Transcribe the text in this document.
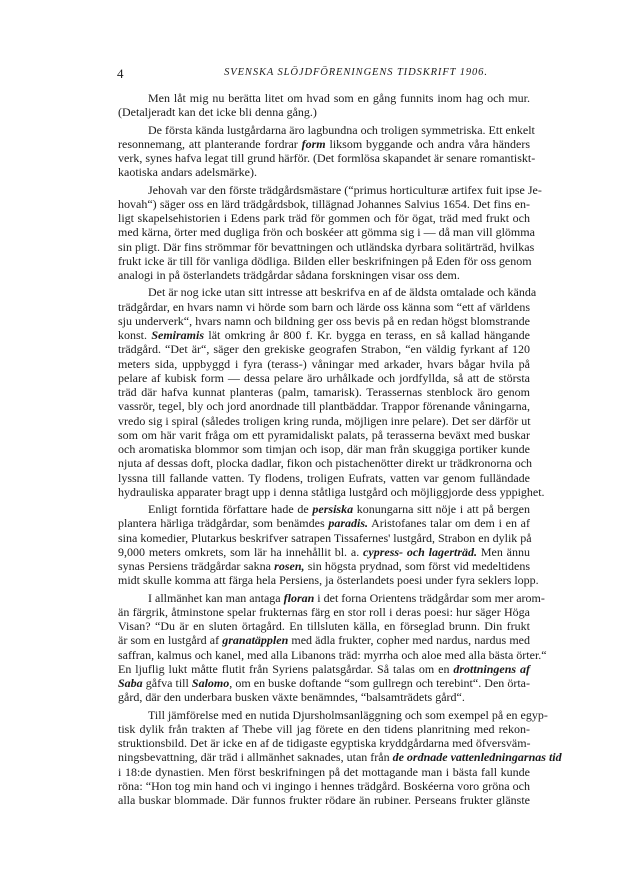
4	SVENSKA SLÖJDFÖRENINGENS TIDSKRIFT 1906.
Men låt mig nu berätta litet om hvad som en gång funnits inom hag och mur.
(Detaljeradt kan det icke bli denna gång.)
De första kända lustgårdarna äro lagbundna och troligen symmetriska. Ett enkelt
resonnemang, att planterande fordrar form liksom byggande och andra våra händers
verk, synes hafva legat till grund härför. (Det formlösa skapandet är senare romantiskt-
kaotiska andars adelsmärke).
Jehovah var den förste trädgårdsmästare (“primus horticulturæ artifex fuit ipse Je-
hovah“) säger oss en lärd trädgårdsbok, tillägnad Johannes Salvius 1654. Det fins en-
ligt skapelsehistorien i Edens park träd för gommen och för ögat, träd med frukt och
med kärna, örter med dugliga frön och boskéer att gömma sig i — då man vill glömma
sin pligt. Där fins strömmar för bevattningen och utländska dyrbara solitärträd, hvilkas
frukt icke är till för vanliga dödliga. Bilden eller beskrifningen på Eden för oss genom
analogi in på österlandets trädgårdar sådana forskningen visar oss dem.
Det är nog icke utan sitt intresse att beskrifva en af de äldsta omtalade och kända
trädgårdar, en hvars namn vi hörde som barn och lärde oss känna som “ett af världens
sju underverk“, hvars namn och bildning ger oss bevis på en redan högst blomstrande
konst. Semiramis lät omkring år 800 f. Kr. bygga en terass, en så kallad hängande
trädgård. “Det är“, säger den grekiske geografen Strabon, “en väldig fyrkant af 120
meters sida, uppbyggd i fyra (terass-) våningar med arkader, hvars bågar hvila på
pelare af kubisk form — dessa pelare äro urhålkade och jordfyllda, så att de största
träd där hafva kunnat planteras (palm, tamarisk). Terassernas stenblock äro genom
vassrör, tegel, bly och jord anordnade till plantbäddar. Trappor förenande våningarna,
vredo sig i spiral (således troligen kring runda, möjligen inre pelare). Det ser därför ut
som om här varit fråga om ett pyramidaliskt palats, på terasserna beväxt med buskar
och aromatiska blommor som timjan och isop, där man från skuggiga portiker kunde
njuta af dessas doft, plocka dadlar, fikon och pistachenötter direkt ur trädkronorna och
lyssna till fallande vatten. Ty flodens, troligen Eufrats, vatten var genom fulländade
hydrauliska apparater bragt upp i denna ståtliga lustgård och möjliggjorde dess yppighet.
Enligt forntida författare hade de persiska konungarna sitt nöje i att på bergen
plantera härliga trädgårdar, som benämdes paradis. Aristofanes talar om dem i en af
sina komedier, Plutarkus beskrifver satrapen Tissafernes' lustgård, Strabon en dylik på
9,000 meters omkrets, som lär ha innehållit bl. a. cypress- och lagerträd. Men ännu
synas Persiens trädgårdar sakna rosen, sin högsta prydnad, som först vid medeltidens
midt skulle komma att färga hela Persiens, ja österlandets poesi under fyra seklers lopp.
I allmänhet kan man antaga floran i det forna Orientens trädgårdar som mer arom-
än färgrik, åtminstone spelar frukternas färg en stor roll i deras poesi: hur säger Höga
Visan? “Du är en sluten örtagård. En tillsluten källa, en förseglad brunn. Din frukt
är som en lustgård af granatäpplen med ädla frukter, copher med nardus, nardus med
saffran, kalmus och kanel, med alla Libanons träd: myrrha och aloe med alla bästa örter.“
En ljuflig lukt måtte flutit från Syriens palatsgårdar. Så talas om en drottningens af
Saba gåfva till Salomo, om en buske doftande “som gullregn och terebint“. Den örta-
gård, där den underbara busken växte benämndes, “balsamträdets gård“.
Till jämförelse med en nutida Djursholmsanläggning och som exempel på en egyp-
tisk dylik från trakten af Thebe vill jag förete en den tidens planritning med rekon-
struktionsbild. Det är icke en af de tidigaste egyptiska kryddgårdarna med öfversväm-
ningsbevattning, där träd i allmänhet saknades, utan från de ordnade vattenledningarnas tid
i 18:de dynastien. Men först beskrifningen på det mottagande man i bästa fall kunde
röna: “Hon tog min hand och vi ingingo i hennes trädgård. Boskéerna voro gröna och
alla buskar blommade. Där funnos frukter rödare än rubiner. Perseans frukter glänste
